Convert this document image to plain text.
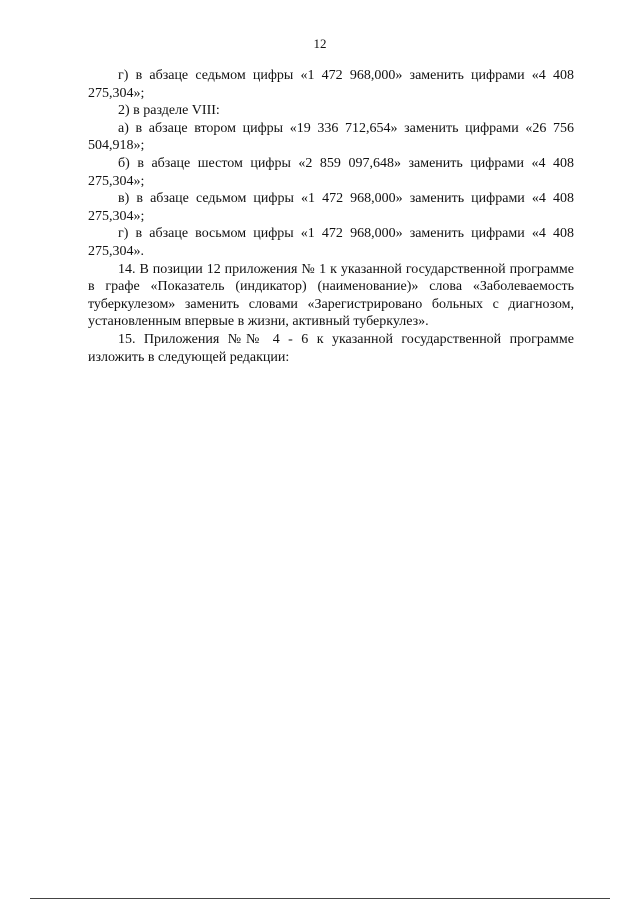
12

г) в абзаце седьмом цифры «1 472 968,000» заменить цифрами «4 408 275,304»;

2) в разделе VIII:

а) в абзаце втором цифры «19 336 712,654» заменить цифрами «26 756 504,918»;

б) в абзаце шестом цифры «2 859 097,648» заменить цифрами «4 408 275,304»;

в) в абзаце седьмом цифры «1 472 968,000» заменить цифрами «4 408 275,304»;

г) в абзаце восьмом цифры «1 472 968,000» заменить цифрами «4 408 275,304».

14. В позиции 12 приложения № 1 к указанной государственной программе в графе «Показатель (индикатор) (наименование)» слова «Заболеваемость туберкулезом» заменить словами «Зарегистрировано больных с диагнозом, установленным впервые в жизни, активный туберкулез».

15. Приложения №№ 4 - 6 к указанной государственной программе изложить в следующей редакции:
